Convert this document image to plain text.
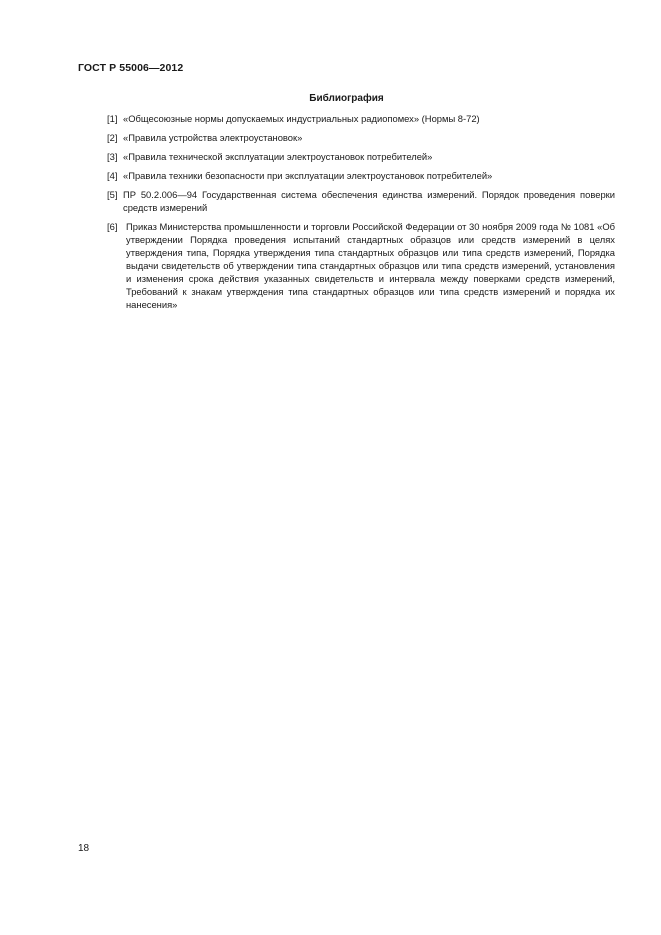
ГОСТ Р 55006—2012
Библиография
[1] «Общесоюзные нормы допускаемых индустриальных радиопомех» (Нормы 8-72)
[2] «Правила устройства электроустановок»
[3] «Правила технической эксплуатации электроустановок потребителей»
[4] «Правила техники безопасности при эксплуатации электроустановок потребителей»
[5] ПР 50.2.006—94 Государственная система обеспечения единства измерений. Порядок проведения поверки средств измерений
[6] Приказ Министерства промышленности и торговли Российской Федерации от 30 ноября 2009 года № 1081 «Об утверждении Порядка проведения испытаний стандартных образцов или средств измерений в целях утверждения типа, Порядка утверждения типа стандартных образцов или типа средств измерений, Порядка выдачи свидетельств об утверждении типа стандартных образцов или типа средств измерений, установления и изменения срока действия указанных свидетельств и интервала между поверками средств измерений, Требований к знакам утверждения типа стандартных образцов или типа средств измерений и порядка их нанесения»
18
